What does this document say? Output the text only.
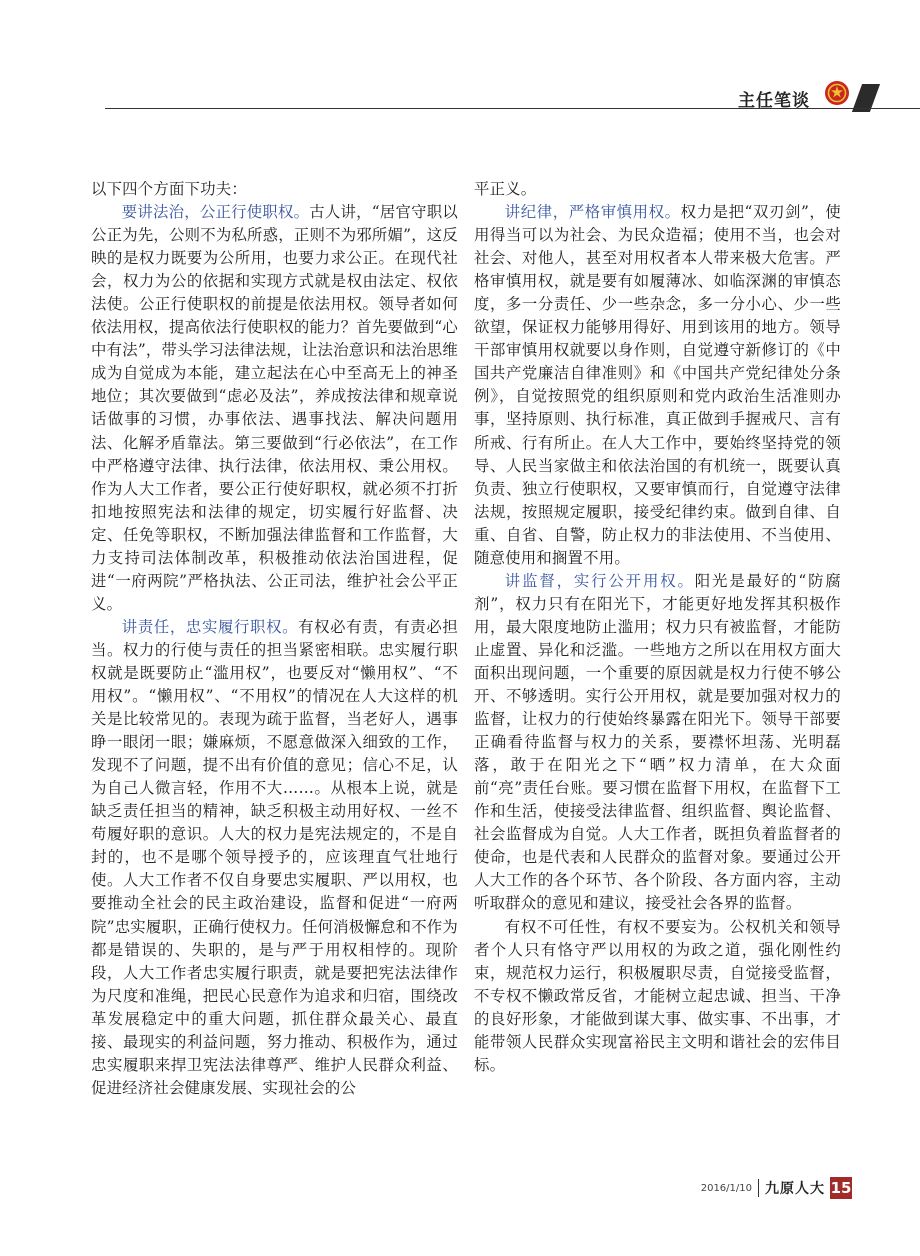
主任笔谈

以下四个方面下功夫：

要讲法治，公正行使职权。古人讲，“居官守职以公正为先，公则不为私所惑，正则不为邪所媚”，这反映的是权力既要为公所用，也要力求公正。在现代社会，权力为公的依据和实现方式就是权由法定、权依法使。公正行使职权的前提是依法用权。领导者如何依法用权，提高依法行使职权的能力？首先要做到“心中有法”，带头学习法律法规，让法治意识和法治思维成为自觉成为本能，建立起法在心中至高无上的神圣地位；其次要做到“虑必及法”，养成按法律和规章说话做事的习惯，办事依法、遇事找法、解决问题用法、化解矛盾靠法。第三要做到“行必依法”，在工作中严格遵守法律、执行法律，依法用权、秉公用权。作为人大工作者，要公正行使好职权，就必须不打折扣地按照宪法和法律的规定，切实履行好监督、决定、任免等职权，不断加强法律监督和工作监督，大力支持司法体制改革，积极推动依法治国进程，促进“一府两院”严格执法、公正司法，维护社会公平正义。

讲责任，忠实履行职权。有权必有责，有责必担当。权力的行使与责任的担当紧密相联。忠实履行职权就是既要防止“滥用权”，也要反对“懒用权”、“不用权”。“懒用权”、“不用权”的情况在人大这样的机关是比较常见的。表现为疏于监督，当老好人，遇事睁一眼闭一眼；嫌麻烦，不愿意做深入细致的工作，发现不了问题，提不出有价值的意见；信心不足，认为自己人微言轻，作用不大……。从根本上说，就是缺乏责任担当的精神，缺乏积极主动用好权、一丝不苟履好职的意识。人大的权力是宪法规定的，不是自封的，也不是哪个领导授予的，应该理直气壮地行使。人大工作者不仅自身要忠实履职、严以用权，也要推动全社会的民主政治建设，监督和促进“一府两院”忠实履职，正确行使权力。任何消极懈怠和不作为都是错误的、失职的，是与严于用权相悖的。现阶段，人大工作者忠实履行职责，就是要把宪法法律作为尺度和准绳，把民心民意作为追求和归宿，围绕改革发展稳定中的重大问题，抓住群众最关心、最直接、最现实的利益问题，努力推动、积极作为，通过忠实履职来捍卫宪法法律尊严、维护人民群众利益、促进经济社会健康发展、实现社会的公

平正义。

讲纪律，严格审慎用权。权力是把“双刃剑”，使用得当可以为社会、为民众造福；使用不当，也会对社会、对他人，甚至对用权者本人带来极大危害。严格审慎用权，就是要有如履薄冰、如临深渊的审慎态度，多一分责任、少一些杂念，多一分小心、少一些欲望，保证权力能够用得好、用到该用的地方。领导干部审慎用权就要以身作则，自觉遵守新修订的《中国共产党廉洁自律准则》和《中国共产党纪律处分条例》，自觉按照党的组织原则和党内政治生活准则办事，坚持原则、执行标准，真正做到手握戒尺、言有所戒、行有所止。在人大工作中，要始终坚持党的领导、人民当家做主和依法治国的有机统一，既要认真负责、独立行使职权，又要审慎而行，自觉遵守法律法规，按照规定履职，接受纪律约束。做到自律、自重、自省、自警，防止权力的非法使用、不当使用、随意使用和搁置不用。

讲监督，实行公开用权。阳光是最好的“防腐剂”，权力只有在阳光下，才能更好地发挥其积极作用，最大限度地防止滥用；权力只有被监督，才能防止虚置、异化和泛滥。一些地方之所以在用权方面大面积出现问题，一个重要的原因就是权力行使不够公开、不够透明。实行公开用权，就是要加强对权力的监督，让权力的行使始终暴露在阳光下。领导干部要正确看待监督与权力的关系，要襟怀坦荡、光明磊落，敢于在阳光之下“晒”权力清单，在大众面前“亮”责任台账。要习惯在监督下用权，在监督下工作和生活，使接受法律监督、组织监督、舆论监督、社会监督成为自觉。人大工作者，既担负着监督者的使命，也是代表和人民群众的监督对象。要通过公开人大工作的各个环节、各个阶段、各方面内容，主动听取群众的意见和建议，接受社会各界的监督。

有权不可任性，有权不要妄为。公权机关和领导者个人只有恪守严以用权的为政之道，强化刚性约束，规范权力运行，积极履职尽责，自觉接受监督，不专权不懒政常反省，才能树立起忠诚、担当、干净的良好形象，才能做到谋大事、做实事、不出事，才能带领人民群众实现富裕民主文明和谐社会的宏伟目标。

2016/1/10 九原人大 15
